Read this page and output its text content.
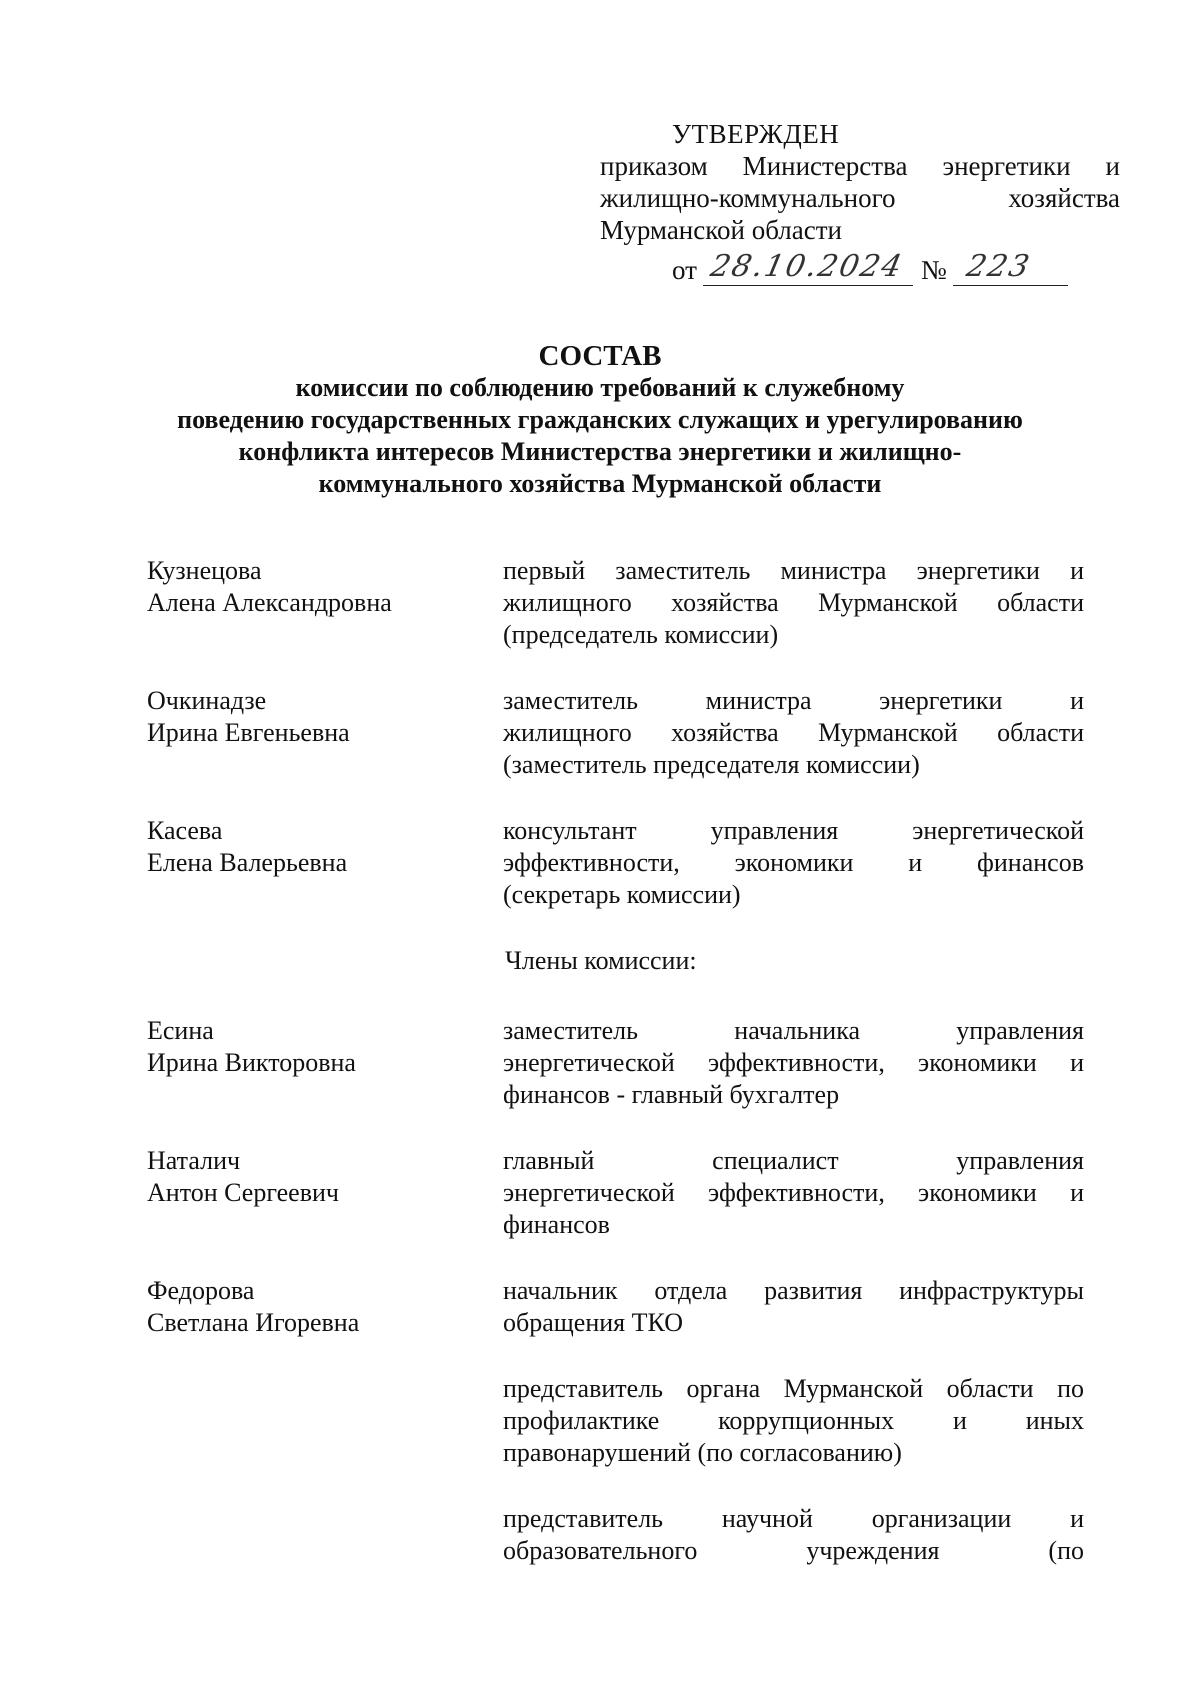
УТВЕРЖДЕН
приказом Министерства энергетики и
жилищно-коммунального хозяйства
Мурманской области
от 28.10.2024 № 223
СОСТАВ
комиссии по соблюдению требований к служебному
поведению государственных гражданских служащих и урегулированию
конфликта интересов Министерства энергетики и жилищно-
коммунального хозяйства Мурманской области
Кузнецова
Алена Александровна
первый заместитель министра энергетики и
жилищного хозяйства Мурманской области
(председатель комиссии)
Очкинадзе
Ирина Евгеньевна
заместитель министра энергетики и
жилищного хозяйства Мурманской области
(заместитель председателя комиссии)
Касева
Елена Валерьевна
консультант управления энергетической
эффективности, экономики и финансов
(секретарь комиссии)
Члены комиссии:
Есина
Ирина Викторовна
заместитель начальника управления
энергетической эффективности, экономики и
финансов - главный бухгалтер
Наталич
Антон Сергеевич
главный специалист управления
энергетической эффективности, экономики и
финансов
Федорова
Светлана Игоревна
начальник отдела развития инфраструктуры
обращения ТКО
представитель органа Мурманской области по
профилактике коррупционных и иных
правонарушений (по согласованию)
представитель научной организации и
образовательного учреждения (по
